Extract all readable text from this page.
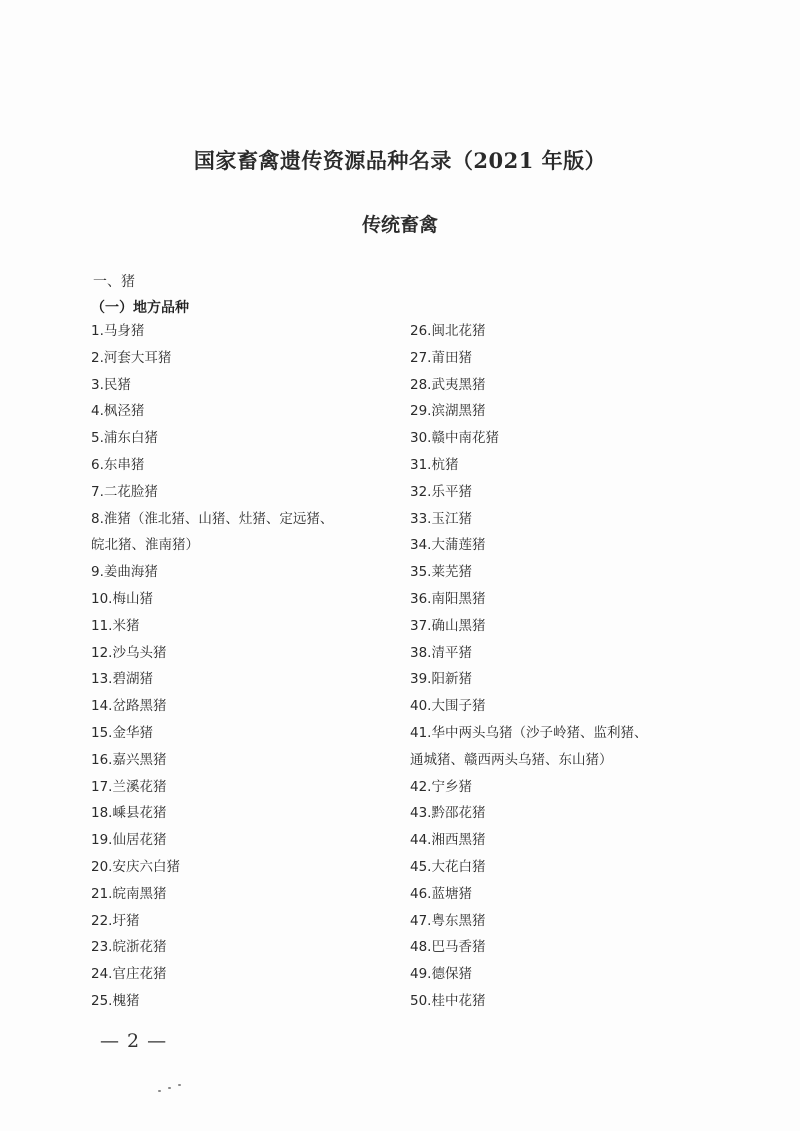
国家畜禽遗传资源品种名录（2021 年版）
传统畜禽
一、猪
（一）地方品种
1.马身猪
2.河套大耳猪
3.民猪
4.枫泾猪
5.浦东白猪
6.东串猪
7.二花脸猪
8.淮猪（淮北猪、山猪、灶猪、定远猪、皖北猪、淮南猪）
9.姜曲海猪
10.梅山猪
11.米猪
12.沙乌头猪
13.碧湖猪
14.岔路黑猪
15.金华猪
16.嘉兴黑猪
17.兰溪花猪
18.嵊县花猪
19.仙居花猪
20.安庆六白猪
21.皖南黑猪
22.圩猪
23.皖浙花猪
24.官庄花猪
25.槐猪
26.闽北花猪
27.莆田猪
28.武夷黑猪
29.滨湖黑猪
30.赣中南花猪
31.杭猪
32.乐平猪
33.玉江猪
34.大蒲莲猪
35.莱芜猪
36.南阳黑猪
37.确山黑猪
38.清平猪
39.阳新猪
40.大围子猪
41.华中两头乌猪（沙子岭猪、监利猪、通城猪、赣西两头乌猪、东山猪）
42.宁乡猪
43.黔邵花猪
44.湘西黑猪
45.大花白猪
46.蓝塘猪
47.粤东黑猪
48.巴马香猪
49.德保猪
50.桂中花猪
— 2 —
